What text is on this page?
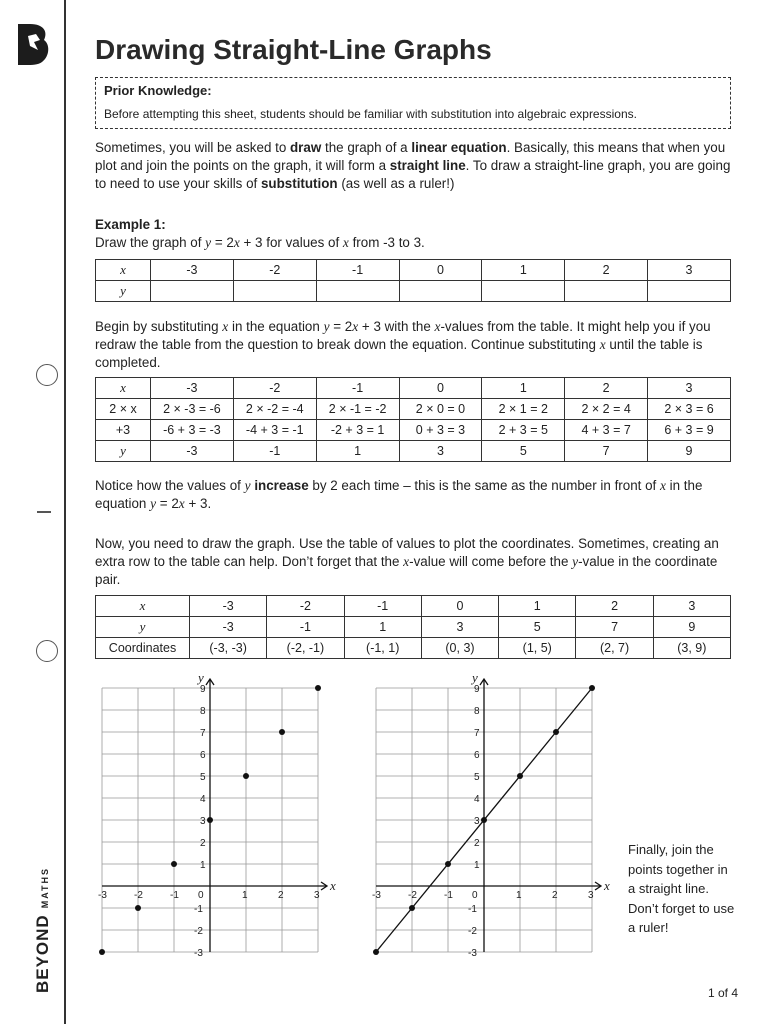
BEYONDMATHS
Drawing Straight-Line Graphs
Prior Knowledge:
Before attempting this sheet, students should be familiar with substitution into algebraic expressions.

Sometimes, you will be asked to draw the graph of a linear equation. Basically, this means that when you plot and join the points on the graph, it will form a straight line. To draw a straight-line graph, you are going to need to use your skills of substitution (as well as a ruler!)

Example 1:
Draw the graph of y = 2x + 3 for values of x from -3 to 3.

x	-3	-2	-1	0	1	2	3
y							

Begin by substituting x in the equation y = 2x + 3 with the x-values from the table. It might help you if you redraw the table from the question to break down the equation. Continue substituting x until the table is completed.

x	-3	-2	-1	0	1	2	3
2 × x	2 × -3 = -6	2 × -2 = -4	2 × -1 = -2	2 × 0 = 0	2 × 1 = 2	2 × 2 = 4	2 × 3 = 6
+3	-6 + 3 = -3	-4 + 3 = -1	-2 + 3 = 1	0 + 3 = 3	2 + 3 = 5	4 + 3 = 7	6 + 3 = 9
y	-3	-1	1	3	5	7	9

Notice how the values of y increase by 2 each time – this is the same as the number in front of x in the equation y = 2x + 3.

Now, you need to draw the graph. Use the table of values to plot the coordinates. Sometimes, creating an extra row to the table can help. Don’t forget that the x-value will come before the y-value in the coordinate pair.

x	-3	-2	-1	0	1	2	3
y	-3	-1	1	3	5	7	9
Coordinates	(-3, -3)	(-2, -1)	(-1, 1)	(0, 3)	(1, 5)	(2, 7)	(3, 9)
y
x
-3	-2	-1 0	1	2	3
-3
-2
-1
1
2
3
4
5
6
7
8
9
y
x
-3	-2	-1 0	1	2	3
-3
-2
-1
1
2
3
4
5
6
7
8
9

Finally, join the points together in a straight line. Don’t forget to use a ruler!

1 of 4
